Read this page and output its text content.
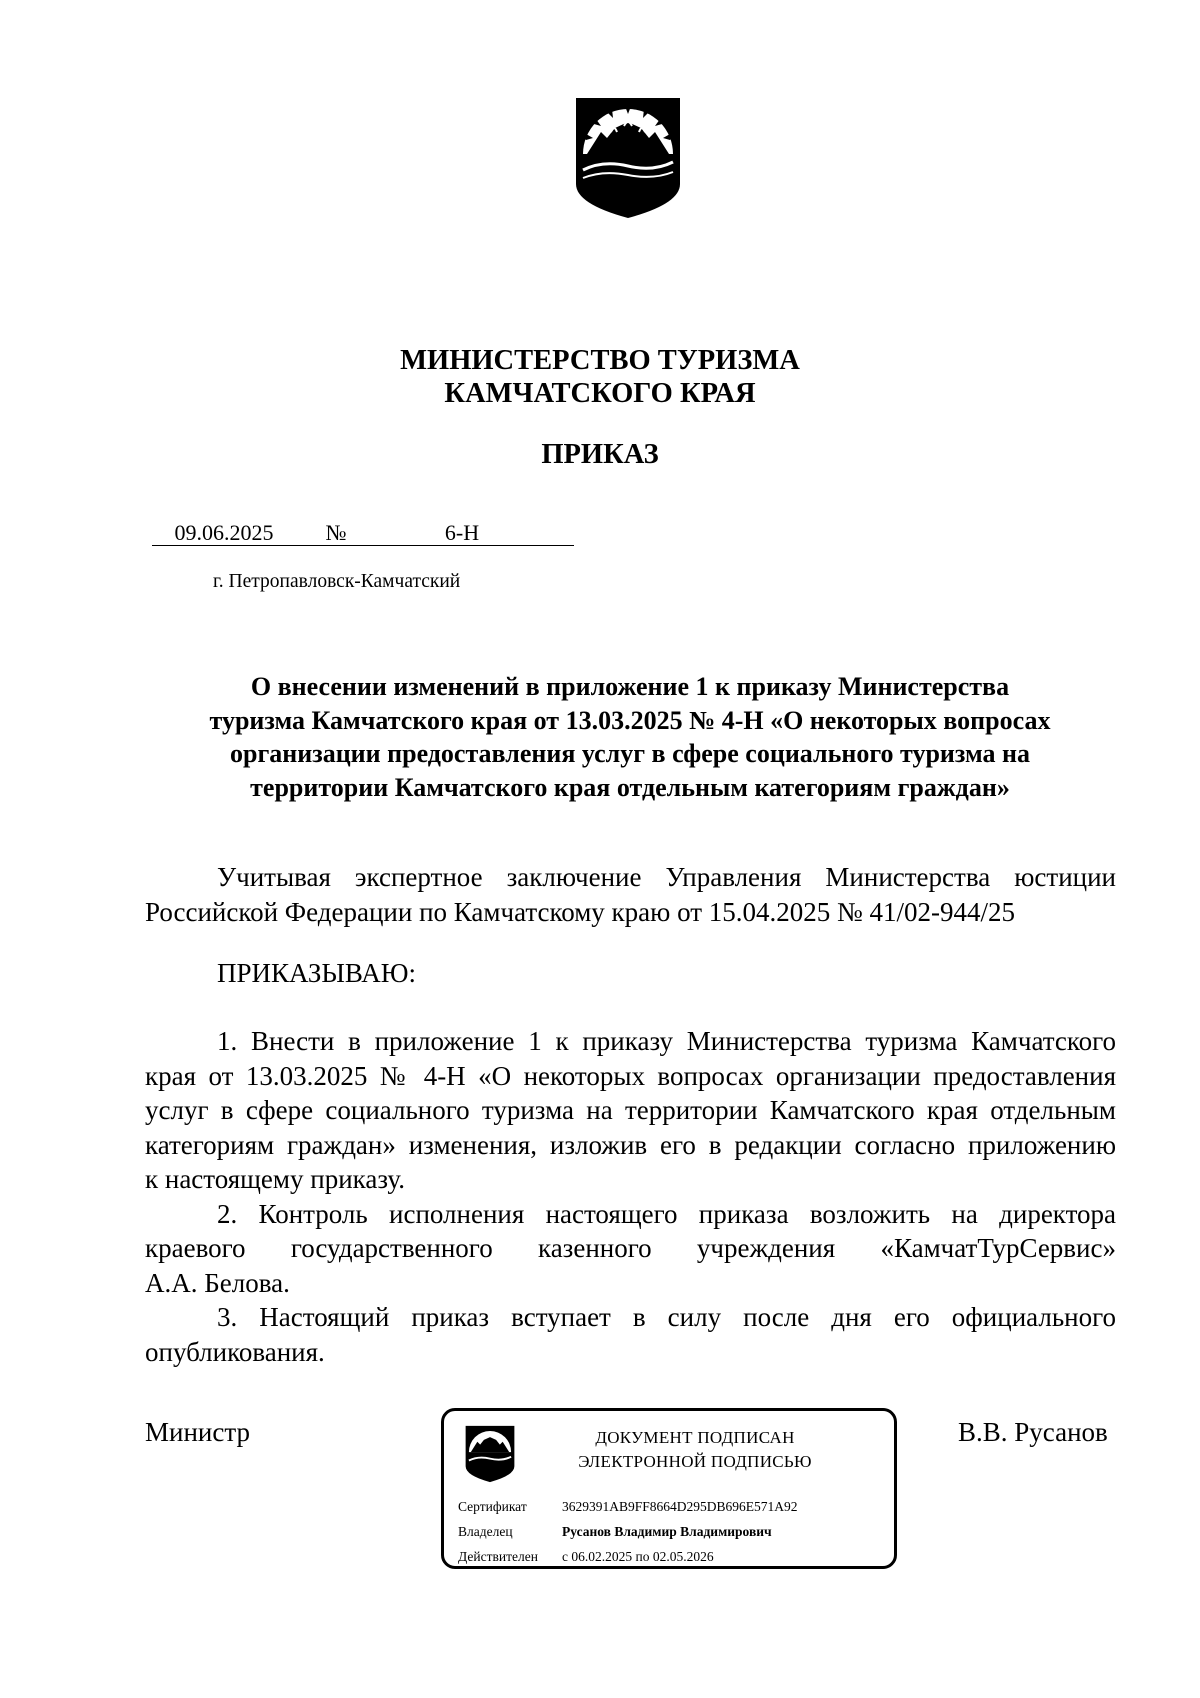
МИНИСТЕРСТВО ТУРИЗМА

КАМЧАТСКОГО КРАЯ

ПРИКАЗ

09.06.2025	№	6-Н
г. Петропавловск-Камчатский
О внесении изменений в приложение 1 к приказу Министерства
туризма Камчатского края от 13.03.2025 № 4-Н «О некоторых вопросах
организации предоставления услуг в сфере социального туризма на
территории Камчатского края отдельным категориям граждан»
Учитывая экспертное заключение Управления Министерства юстиции
Российской Федерации по Камчатскому краю от 15.04.2025 № 41/02-944/25
ПРИКАЗЫВАЮ:
1. Внести в приложение 1 к приказу Министерства туризма Камчатского
края от 13.03.2025 № 4-Н «О некоторых вопросах организации предоставления
услуг в сфере социального туризма на территории Камчатского края отдельным
категориям граждан» изменения, изложив его в редакции согласно приложению
к настоящему приказу.
2. Контроль исполнения настоящего приказа возложить на директора
краевого государственного казенного учреждения «КамчатТурСервис»
А.А. Белова.
3. Настоящий приказ вступает в силу после дня его официального
опубликования.
Министр	В.В. Русанов
ДОКУМЕНТ ПОДПИСАН
ЭЛЕКТРОННОЙ ПОДПИСЬЮ
Сертификат	3629391AB9FF8664D295DB696E571A92
Владелец	Русанов Владимир Владимирович
Действителен с 06.02.2025 по 02.05.2026
